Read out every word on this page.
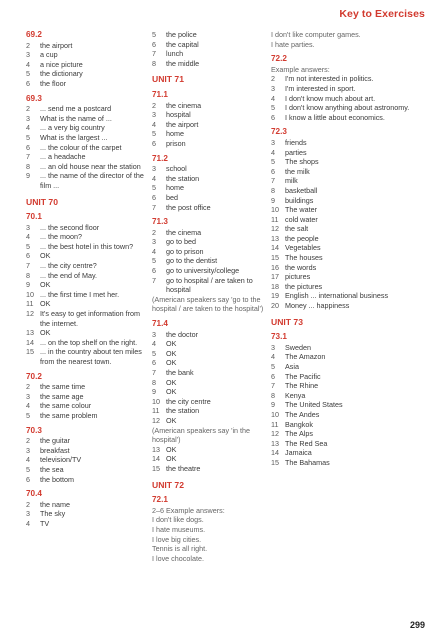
Key to Exercises
69.2
2	the airport
3	a cup
4	a nice picture
5	the dictionary
6	the floor
69.3
2	... send me a postcard
3	What is the name of ...
4	... a very big country
5	What is the largest ...
6	... the colour of the carpet
7	... a headache
8	... an old house near the station
9	... the name of the director of the film ...
UNIT 70
70.1
3	... the second floor
4	... the moon?
5	... the best hotel in this town?
6	OK
7	... the city centre?
8	... the end of May.
9	OK
10 ... the first time I met her.
11 OK
12 It's easy to get information from the internet.
13 OK
14 ... on the top shelf on the right.
15 ... in the country about ten miles from the nearest town.
70.2
2	the same time
3	the same age
4	the same colour
5	the same problem
70.3
2	the guitar
3	breakfast
4	television/TV
5	the sea
6	the bottom
70.4
2	the name
3	The sky
4	TV
5	the police
6	the capital
7	lunch
8	the middle
UNIT 71
71.1
2	the cinema
3	hospital
4	the airport
5	home
6	prison
71.2
3	school
4	the station
5	home
6	bed
7	the post office
71.3
2	the cinema
3	go to bed
4	go to prison
5	go to the dentist
6	go to university/college
7	go to hospital / are taken to hospital
(American speakers say 'go to the hospital / are taken to the hospital')
71.4
3	the doctor
4	OK
5	OK
6	OK
7	the bank
8	OK
9	OK
10 the city centre
11 the station
12 OK
(American speakers say 'in the hospital')
13 OK
14 OK
15 the theatre
UNIT 72
72.1
2–6 Example answers:
I don't like dogs.
I hate museums.
I love big cities.
Tennis is all right.
I love chocolate.
I don't like computer games.
I hate parties.
72.2
Example answers:
2	I'm not interested in politics.
3	I'm interested in sport.
4	I don't know much about art.
5	I don't know anything about astronomy.
6	I know a little about economics.
72.3
3	friends
4	parties
5	The shops
6	the milk
7	milk
8	basketball
9	buildings
10 The water
11 cold water
12 the salt
13 the people
14 Vegetables
15 The houses
16 the words
17 pictures
18 the pictures
19 English ... international business
20 Money ... happiness
UNIT 73
73.1
3	Sweden
4	The Amazon
5	Asia
6	The Pacific
7	The Rhine
8	Kenya
9	The United States
10 The Andes
11 Bangkok
12 The Alps
13 The Red Sea
14 Jamaica
15 The Bahamas
299
